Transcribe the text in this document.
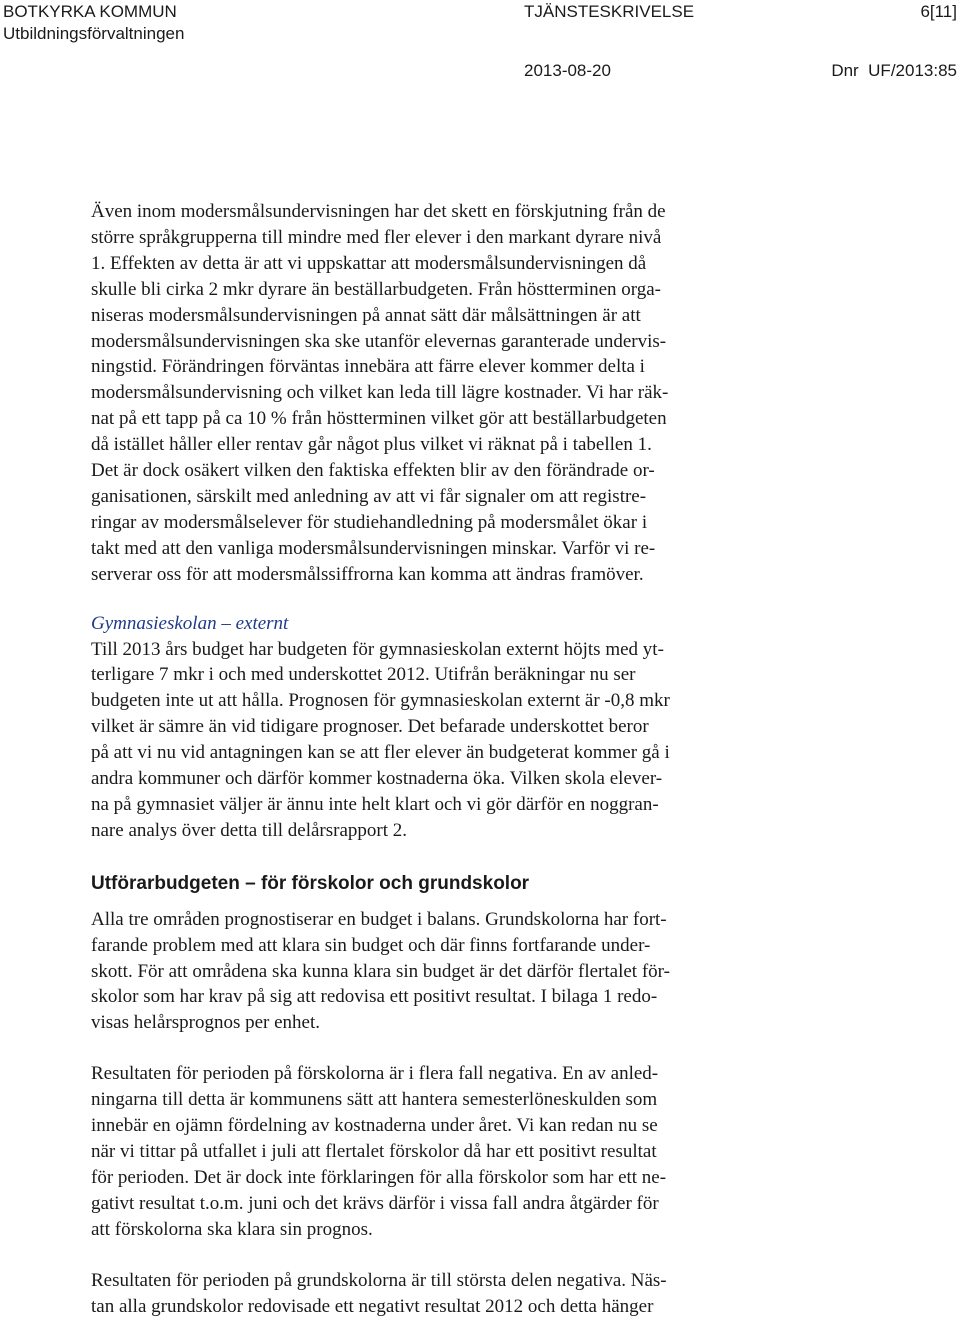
BOTKYRKA KOMMUN
Utbildningsförvaltningen
TJÄNSTESKRIVELSE	6[11]
2013-08-20	Dnr  UF/2013:85

Även inom modersmålsundervisningen har det skett en förskjutning från de
större språkgrupperna till mindre med fler elever i den markant dyrare nivå
1. Effekten av detta är att vi uppskattar att modersmålsundervisningen då
skulle bli cirka 2 mkr dyrare än beställarbudgeten. Från höstterminen orga-
niseras modersmålsundervisningen på annat sätt där målsättningen är att
modersmålsundervisningen ska ske utanför elevernas garanterade undervis-
ningstid. Förändringen förväntas innebära att färre elever kommer delta i
modersmålsundervisning och vilket kan leda till lägre kostnader. Vi har räk-
nat på ett tapp på ca 10 % från höstterminen vilket gör att beställarbudgeten
då istället håller eller rentav går något plus vilket vi räknat på i tabellen 1.
Det är dock osäkert vilken den faktiska effekten blir av den förändrade or-
ganisationen, särskilt med anledning av att vi får signaler om att registre-
ringar av modersmålselever för studiehandledning på modersmålet ökar i
takt med att den vanliga modersmålsundervisningen minskar. Varför vi re-
serverar oss för att modersmålssiffrorna kan komma att ändras framöver.

Gymnasieskolan – externt

Till 2013 års budget har budgeten för gymnasieskolan externt höjts med yt-
terligare 7 mkr i och med underskottet 2012. Utifrån beräkningar nu ser
budgeten inte ut att hålla. Prognosen för gymnasieskolan externt är -0,8 mkr
vilket är sämre än vid tidigare prognoser. Det befarade underskottet beror
på att vi nu vid antagningen kan se att fler elever än budgeterat kommer gå i
andra kommuner och därför kommer kostnaderna öka. Vilken skola elever-
na på gymnasiet väljer är ännu inte helt klart och vi gör därför en noggran-
nare analys över detta till delårsrapport 2.

Utförarbudgeten – för förskolor och grundskolor

Alla tre områden prognostiserar en budget i balans. Grundskolorna har fort-
farande problem med att klara sin budget och där finns fortfarande under-
skott. För att områdena ska kunna klara sin budget är det därför flertalet för-
skolor som har krav på sig att redovisa ett positivt resultat. I bilaga 1 redo-
visas helårsprognos per enhet.

Resultaten för perioden på förskolorna är i flera fall negativa. En av anled-
ningarna till detta är kommunens sätt att hantera semesterlöneskulden som
innebär en ojämn fördelning av kostnaderna under året. Vi kan redan nu se
när vi tittar på utfallet i juli att flertalet förskolor då har ett positivt resultat
för perioden. Det är dock inte förklaringen för alla förskolor som har ett ne-
gativt resultat t.o.m. juni och det krävs därför i vissa fall andra åtgärder för
att förskolorna ska klara sin prognos.

Resultaten för perioden på grundskolorna är till största delen negativa. Näs-
tan alla grundskolor redovisade ett negativt resultat 2012 och detta hänger
